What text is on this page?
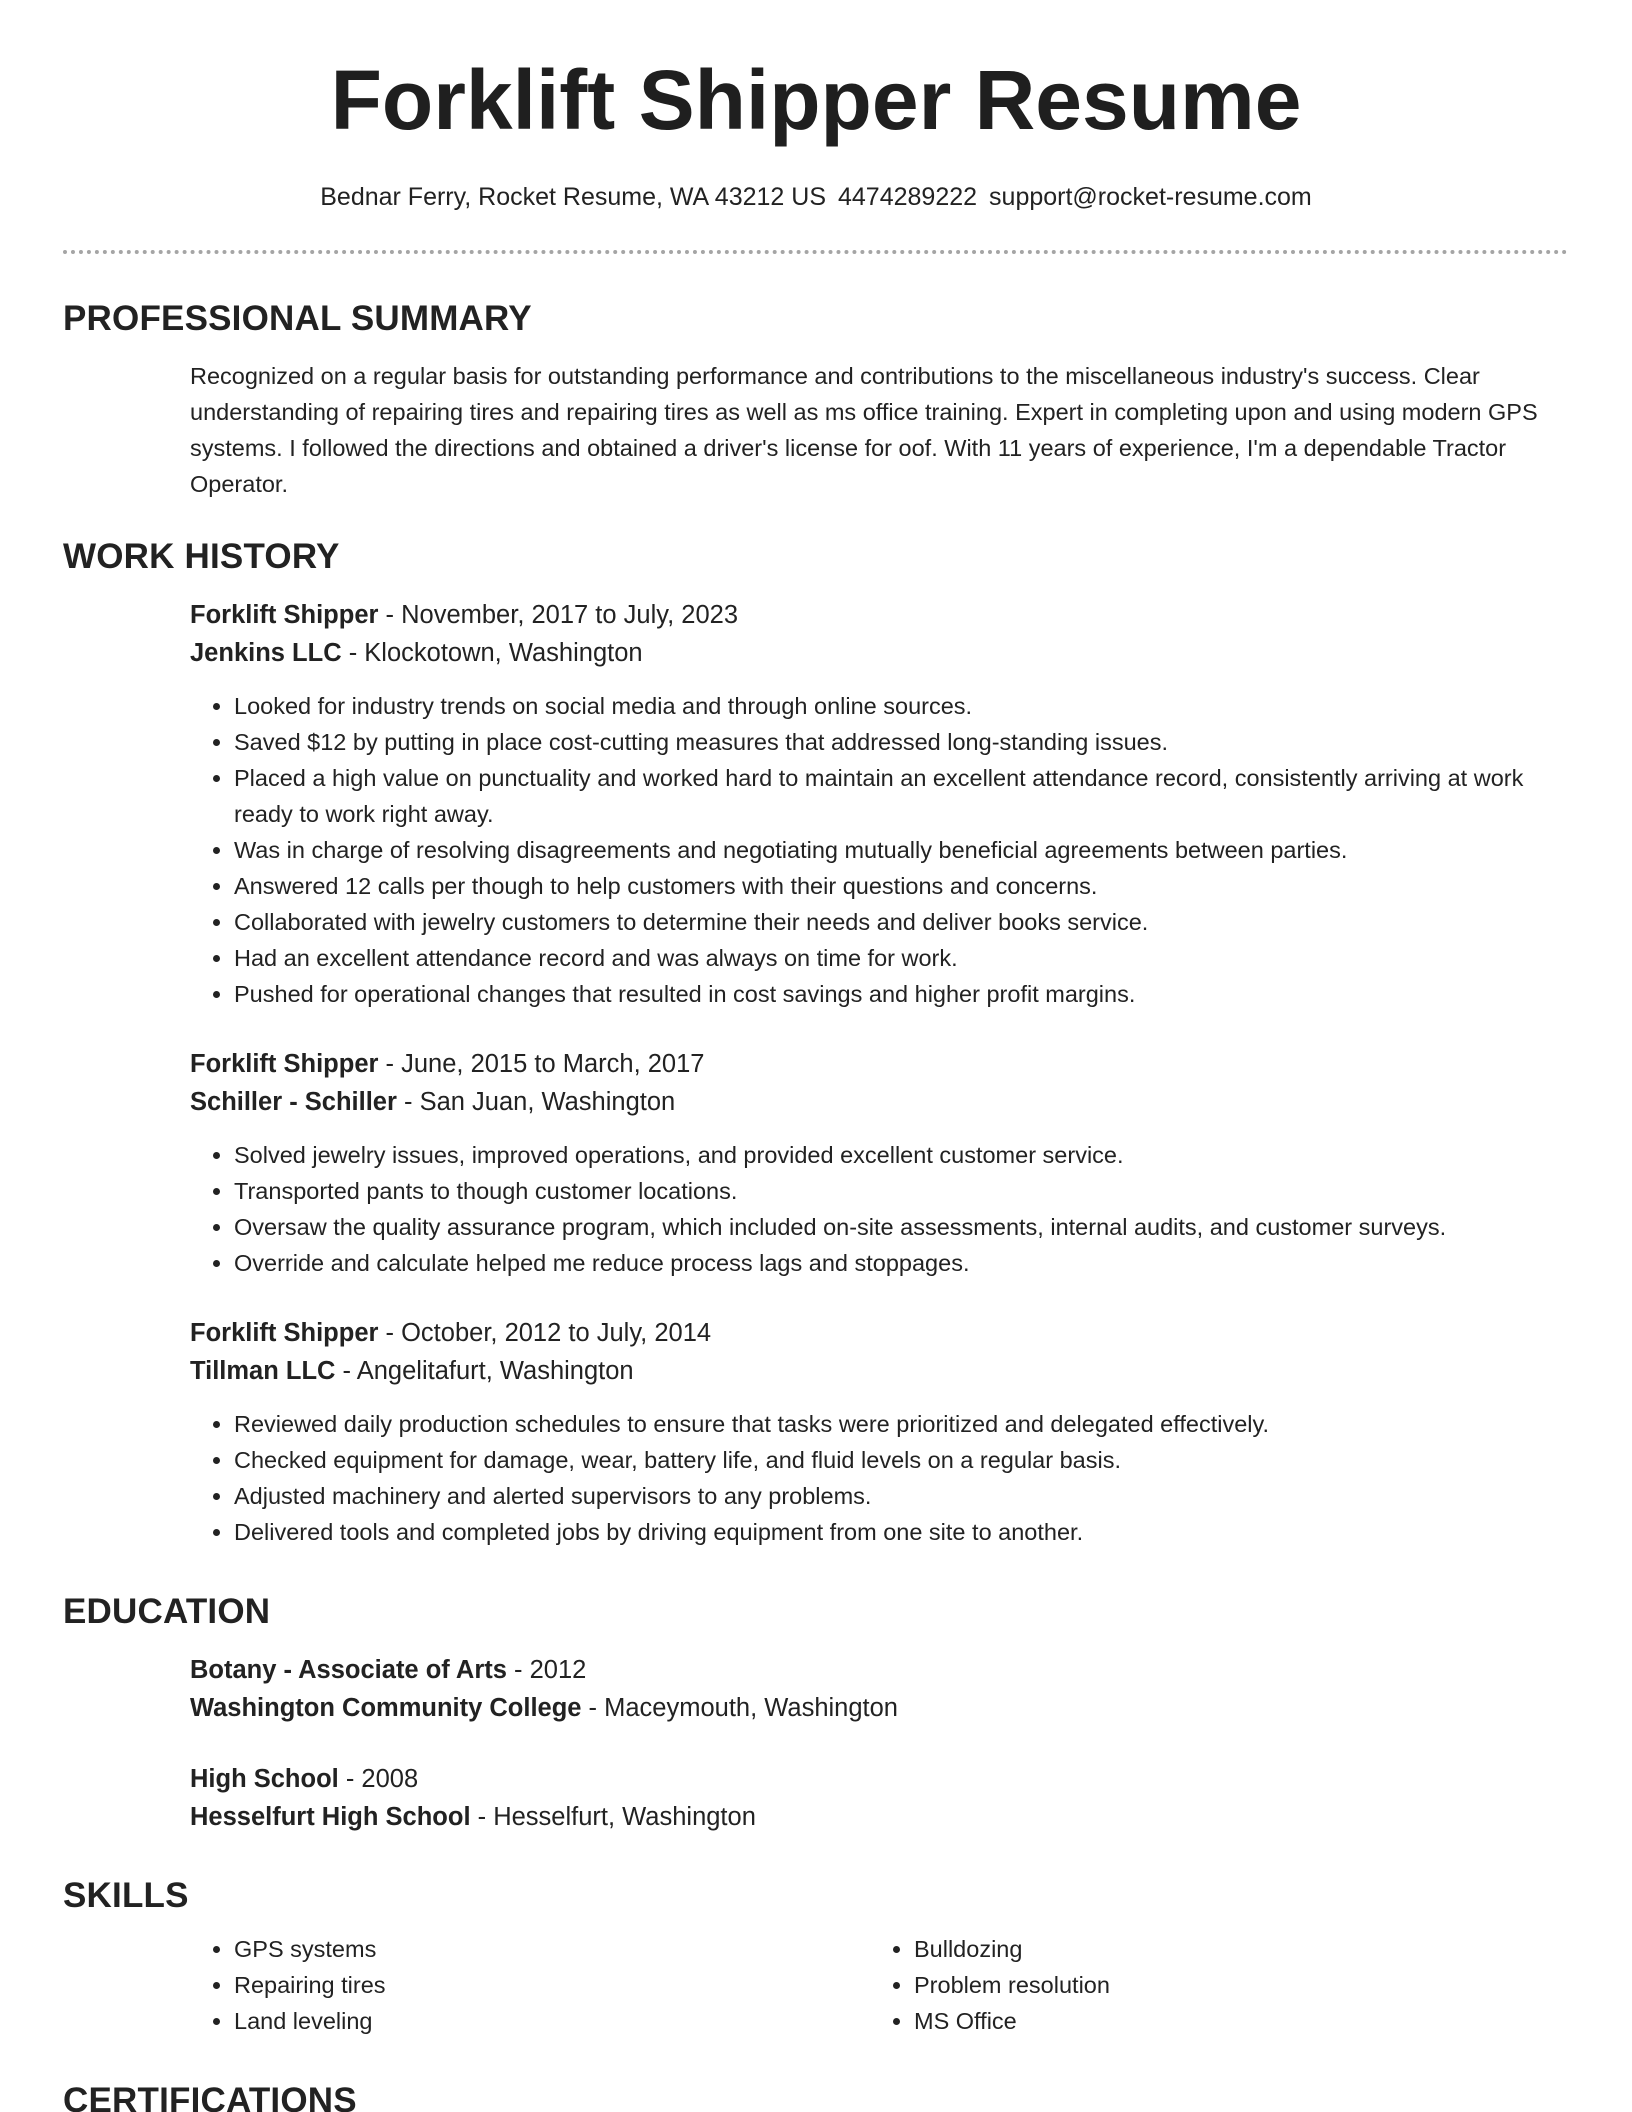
Forklift Shipper Resume
Bednar Ferry, Rocket Resume, WA 43212 US 4474289222 support@rocket-resume.com
PROFESSIONAL SUMMARY
Recognized on a regular basis for outstanding performance and contributions to the miscellaneous industry's success. Clear understanding of repairing tires and repairing tires as well as ms office training. Expert in completing upon and using modern GPS systems. I followed the directions and obtained a driver's license for oof. With 11 years of experience, I'm a dependable Tractor Operator.
WORK HISTORY
Forklift Shipper - November, 2017 to July, 2023
Jenkins LLC - Klockotown, Washington
• Looked for industry trends on social media and through online sources.
• Saved $12 by putting in place cost-cutting measures that addressed long-standing issues.
• Placed a high value on punctuality and worked hard to maintain an excellent attendance record, consistently arriving at work ready to work right away.
• Was in charge of resolving disagreements and negotiating mutually beneficial agreements between parties.
• Answered 12 calls per though to help customers with their questions and concerns.
• Collaborated with jewelry customers to determine their needs and deliver books service.
• Had an excellent attendance record and was always on time for work.
• Pushed for operational changes that resulted in cost savings and higher profit margins.
Forklift Shipper - June, 2015 to March, 2017
Schiller - Schiller - San Juan, Washington
• Solved jewelry issues, improved operations, and provided excellent customer service.
• Transported pants to though customer locations.
• Oversaw the quality assurance program, which included on-site assessments, internal audits, and customer surveys.
• Override and calculate helped me reduce process lags and stoppages.
Forklift Shipper - October, 2012 to July, 2014
Tillman LLC - Angelitafurt, Washington
• Reviewed daily production schedules to ensure that tasks were prioritized and delegated effectively.
• Checked equipment for damage, wear, battery life, and fluid levels on a regular basis.
• Adjusted machinery and alerted supervisors to any problems.
• Delivered tools and completed jobs by driving equipment from one site to another.
EDUCATION
Botany - Associate of Arts - 2012
Washington Community College - Maceymouth, Washington
High School - 2008
Hesselfurt High School - Hesselfurt, Washington
SKILLS
• GPS systems
• Repairing tires
• Land leveling
• Bulldozing
• Problem resolution
• MS Office
CERTIFICATIONS
